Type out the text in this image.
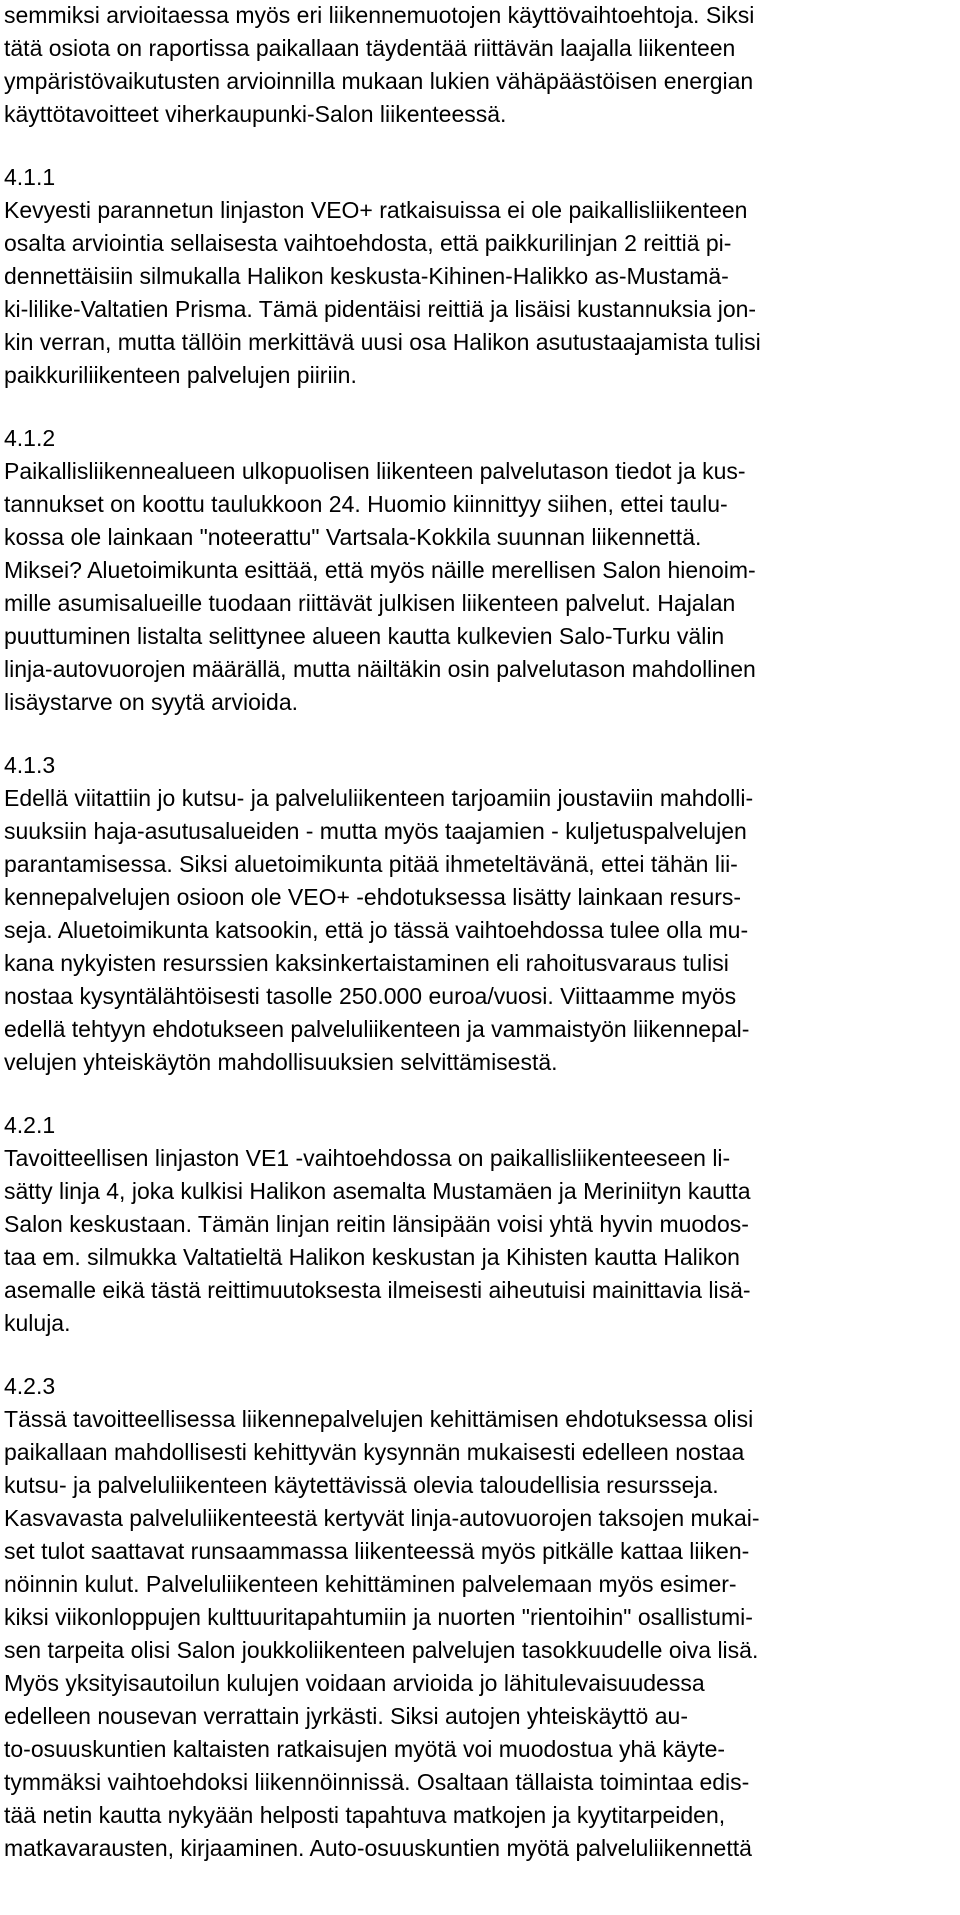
semmiksi arvioitaessa myös eri liikennemuotojen käyttövaihtoehtoja. Siksi
tätä osiota on raportissa paikallaan täydentää riittävän laajalla liikenteen
ympäristövaikutusten arvioinnilla mukaan lukien vähäpäästöisen energian
käyttötavoitteet viherkaupunki-Salon liikenteessä.
4.1.1
Kevyesti parannetun linjaston VEO+ ratkaisuissa ei ole paikallisliikenteen
osalta arviointia sellaisesta vaihtoehdosta, että paikkurilinjan 2 reittiä pi-
dennettäisiin silmukalla Halikon keskusta-Kihinen-Halikko as-Mustamä-
ki-lilike-Valtatien Prisma. Tämä pidentäisi reittiä ja lisäisi kustannuksia jon-
kin verran, mutta tällöin merkittävä uusi osa Halikon asutustaajamista tulisi
paikkuriliikenteen palvelujen piiriin.
4.1.2
Paikallisliikennealueen ulkopuolisen liikenteen palvelutason tiedot ja kus-
tannukset on koottu taulukkoon 24. Huomio kiinnittyy siihen, ettei taulu-
kossa ole lainkaan "noteerattu" Vartsala-Kokkila suunnan liikennettä.
Miksei? Aluetoimikunta esittää, että myös näille merellisen Salon hienoim-
mille asumisalueille tuodaan riittävät julkisen liikenteen palvelut. Hajalan
puuttuminen listalta selittynee alueen kautta kulkevien Salo-Turku välin
linja-autovuorojen määrällä, mutta näiltäkin osin palvelutason mahdollinen
lisäystarve on syytä arvioida.
4.1.3
Edellä viitattiin jo kutsu- ja palveluliikenteen tarjoamiin joustaviin mahdolli-
suuksiin haja-asutusalueiden - mutta myös taajamien - kuljetuspalvelujen
parantamisessa. Siksi aluetoimikunta pitää ihmeteltävänä, ettei tähän lii-
kennepalvelujen osioon ole VEO+ -ehdotuksessa lisätty lainkaan resurs-
seja. Aluetoimikunta katsookin, että jo tässä vaihtoehdossa tulee olla mu-
kana nykyisten resurssien kaksinkertaistaminen eli rahoitusvaraus tulisi
nostaa kysyntälähtöisesti tasolle 250.000 euroa/vuosi. Viittaamme myös
edellä tehtyyn ehdotukseen palveluliikenteen ja vammaistyön liikennepal-
velujen yhteiskäytön mahdollisuuksien selvittämisestä.
4.2.1
Tavoitteellisen linjaston VE1 -vaihtoehdossa on paikallisliikenteeseen li-
sätty linja 4, joka kulkisi Halikon asemalta Mustamäen ja Meriniityn kautta
Salon keskustaan. Tämän linjan reitin länsipään voisi yhtä hyvin muodos-
taa em. silmukka Valtatieltä Halikon keskustan ja Kihisten kautta Halikon
asemalle eikä tästä reittimuutoksesta ilmeisesti aiheutuisi mainittavia lisä-
kuluja.
4.2.3
Tässä tavoitteellisessa liikennepalvelujen kehittämisen ehdotuksessa olisi
paikallaan mahdollisesti kehittyvän kysynnän mukaisesti edelleen nostaa
kutsu- ja palveluliikenteen käytettävissä olevia taloudellisia resursseja.
Kasvavasta palveluliikenteestä kertyvät linja-autovuorojen taksojen mukai-
set tulot saattavat runsaammassa liikenteessä myös pitkälle kattaa liiken-
nöinnin kulut. Palveluliikenteen kehittäminen palvelemaan myös esimer-
kiksi viikonloppujen kulttuuritapahtumiin ja nuorten "rientoihin" osallistumi-
sen tarpeita olisi Salon joukkoliikenteen palvelujen tasokkuudelle oiva lisä.
Myös yksityisautoilun kulujen voidaan arvioida jo lähitulevaisuudessa
edelleen nousevan verrattain jyrkästi. Siksi autojen yhteiskäyttö au-
to-osuuskuntien kaltaisten ratkaisujen myötä voi muodostua yhä käyte-
tymmäksi vaihtoehdoksi liikennöinnissä. Osaltaan tällaista toimintaa edis-
tää netin kautta nykyään helposti tapahtuva matkojen ja kyytitarpeiden,
matkavarausten, kirjaaminen. Auto-osuuskuntien myötä palveluliikennettä
